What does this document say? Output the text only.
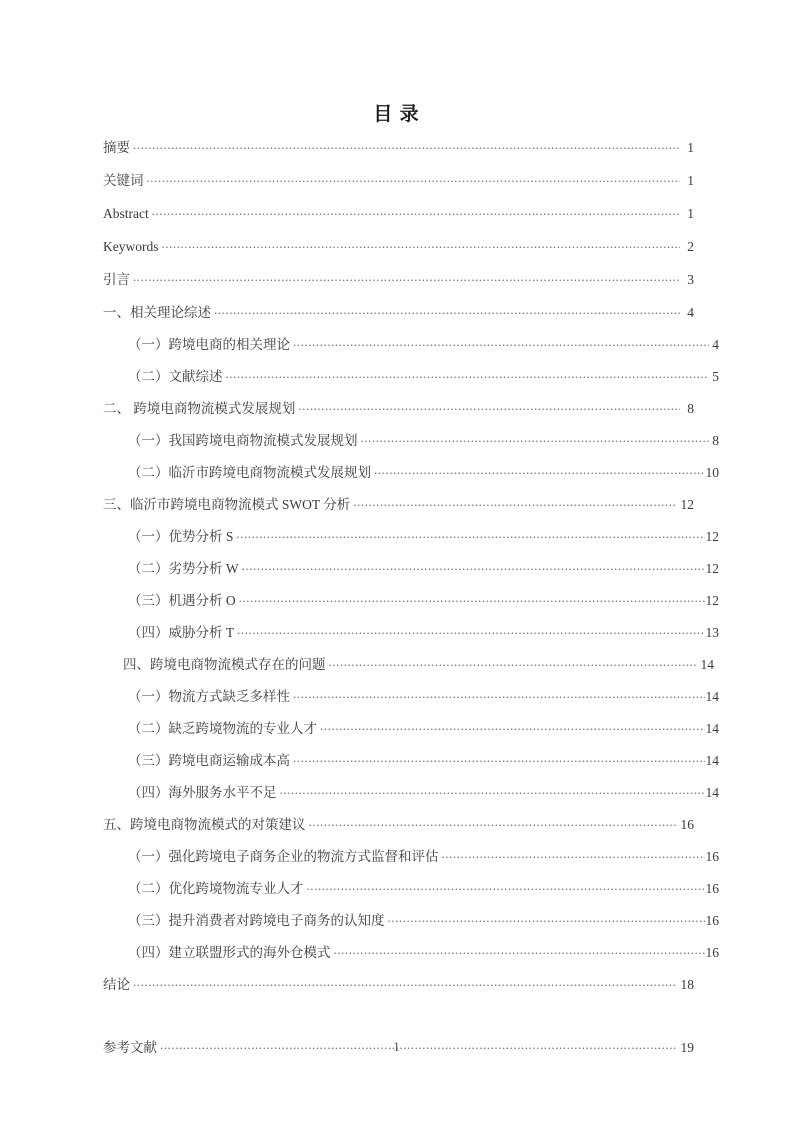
目 录
摘要 .....	1
关键词 .....	1
Abstract .....	1
Keywords .....	2
引言 .....	3
一、相关理论综述 .....	4
（一）跨境电商的相关理论 .....	4
（二）文献综述 .....	5
二、 跨境电商物流模式发展规划 .....	8
（一）我国跨境电商物流模式发展规划 .....	8
（二）临沂市跨境电商物流模式发展规划 .....	10
三、临沂市跨境电商物流模式 SWOT 分析 .....	12
（一）优势分析 S .....	12
（二）劣势分析 W .....	12
（三）机遇分析 O .....	12
（四）威胁分析 T .....	13
四、跨境电商物流模式存在的问题 .....	14
（一）物流方式缺乏多样性 .....	14
（二）缺乏跨境物流的专业人才 .....	14
（三）跨境电商运输成本高 .....	14
（四）海外服务水平不足 .....	14
五、跨境电商物流模式的对策建议 .....	16
（一）强化跨境电子商务企业的物流方式监督和评估 .....	16
（二）优化跨境物流专业人才 .....	16
（三）提升消费者对跨境电子商务的认知度 .....	16
（四）建立联盟形式的海外仓模式 .....	16
结论 .....	18
参考文献 .....	19
1
